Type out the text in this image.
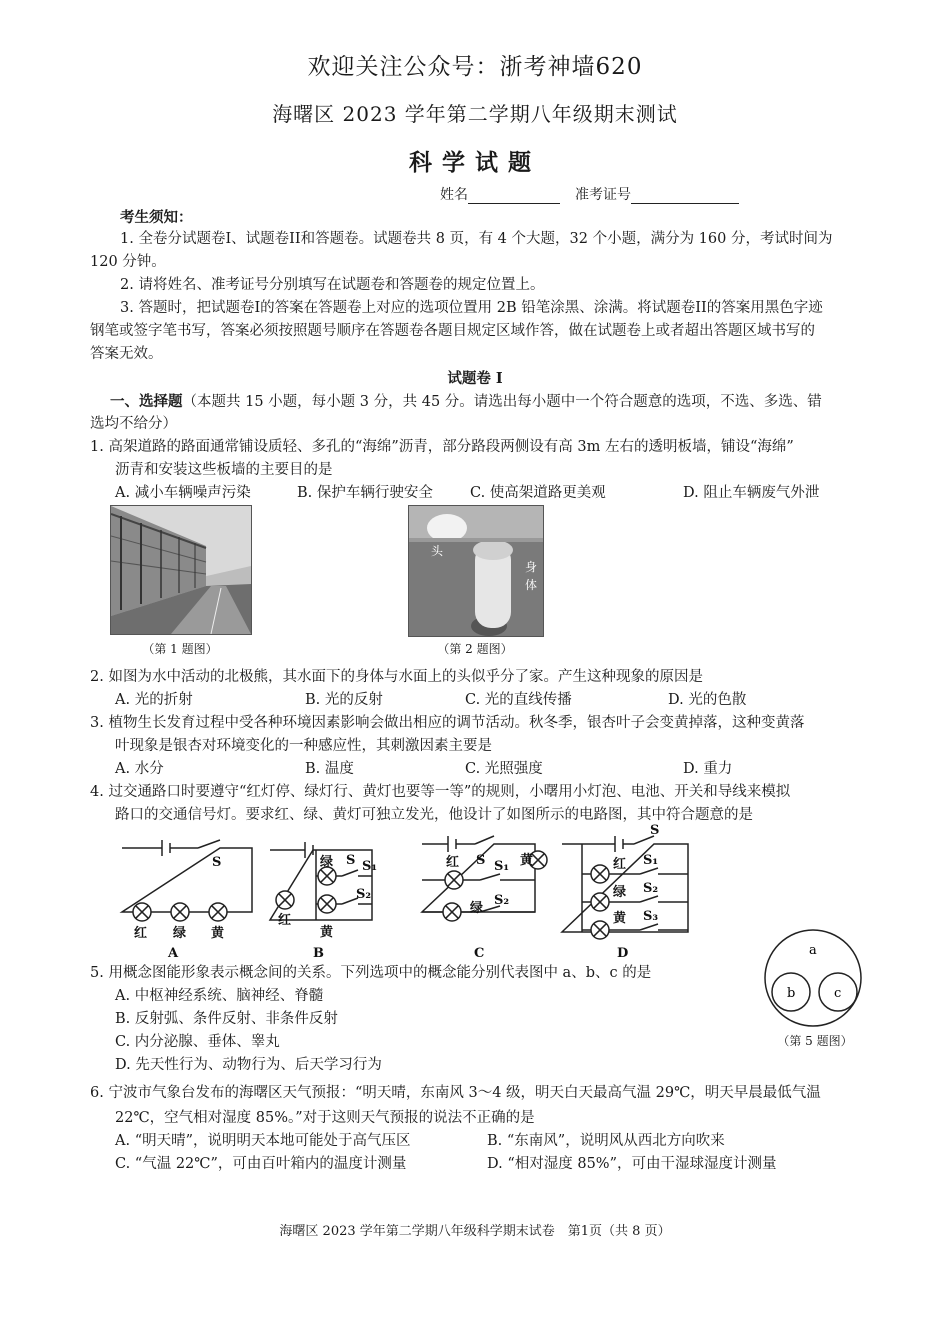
欢迎关注公众号：浙考神墙620
海曙区 2023 学年第二学期八年级期末测试
科学试题
姓名	准考证号
考生须知：
1. 全卷分试题卷I、试题卷II和答题卷。试题卷共 8 页，有 4 个大题，32 个小题，满分为 160 分，考试时间为
120 分钟。
2. 请将姓名、准考证号分别填写在试题卷和答题卷的规定位置上。
3. 答题时，把试题卷I的答案在答题卷上对应的选项位置用 2B 铅笔涂黑、涂满。将试题卷II的答案用黑色字迹
钢笔或签字笔书写，答案必须按照题号顺序在答题卷各题目规定区域作答，做在试题卷上或者超出答题区域书写的
答案无效。
试题卷 I
一、选择题（本题共 15 小题，每小题 3 分，共 45 分。请选出每小题中一个符合题意的选项，不选、多选、错
选均不给分）
1. 高架道路的路面通常铺设质轻、多孔的“海绵”沥青，部分路段两侧设有高 3m 左右的透明板墙，铺设“海绵”
沥青和安装这些板墙的主要目的是
A. 减小车辆噪声污染	B. 保护车辆行驶安全	C. 使高架道路更美观	D. 阻止车辆废气外泄
（第 1 题图）
头
身体
（第 2 题图）
2. 如图为水中活动的北极熊，其水面下的身体与水面上的头似乎分了家。产生这种现象的原因是
A. 光的折射	B. 光的反射	C. 光的直线传播	D. 光的色散
3. 植物生长发育过程中受各种环境因素影响会做出相应的调节活动。秋冬季，银杏叶子会变黄掉落，这种变黄落
叶现象是银杏对环境变化的一种感应性，其刺激因素主要是
A. 水分	B. 温度	C. 光照强度	D. 重力
4. 过交通路口时要遵守“红灯停、绿灯行、黄灯也要等一等”的规则，小曙用小灯泡、电池、开关和导线来模拟
路口的交通信号灯。要求红、绿、黄灯可独立发光，他设计了如图所示的电路图，其中符合题意的是
S
红 绿 黄
A
绿 S S₁
S₂
红
黄
B
红 S S₁ 黄
绿
S₂
C
S
红 S₁
绿 S₂
黄 S₃
D
5. 用概念图能形象表示概念间的关系。下列选项中的概念能分别代表图中 a、b、c 的是
A. 中枢神经系统、脑神经、脊髓
B. 反射弧、条件反射、非条件反射
C. 内分泌腺、垂体、睾丸
D. 先天性行为、动物行为、后天学习行为
a
b	c
（第 5 题图）
6. 宁波市气象台发布的海曙区天气预报：“明天晴，东南风 3～4 级，明天白天最高气温 29℃，明天早晨最低气温
22℃，空气相对湿度 85%。”对于这则天气预报的说法不正确的是
A. “明天晴”，说明明天本地可能处于高气压区	B. “东南风”，说明风从西北方向吹来
C. “气温 22℃”，可由百叶箱内的温度计测量	D. “相对湿度 85%”，可由干湿球湿度计测量
海曙区 2023 学年第二学期八年级科学期末试卷　第1页（共 8 页）
